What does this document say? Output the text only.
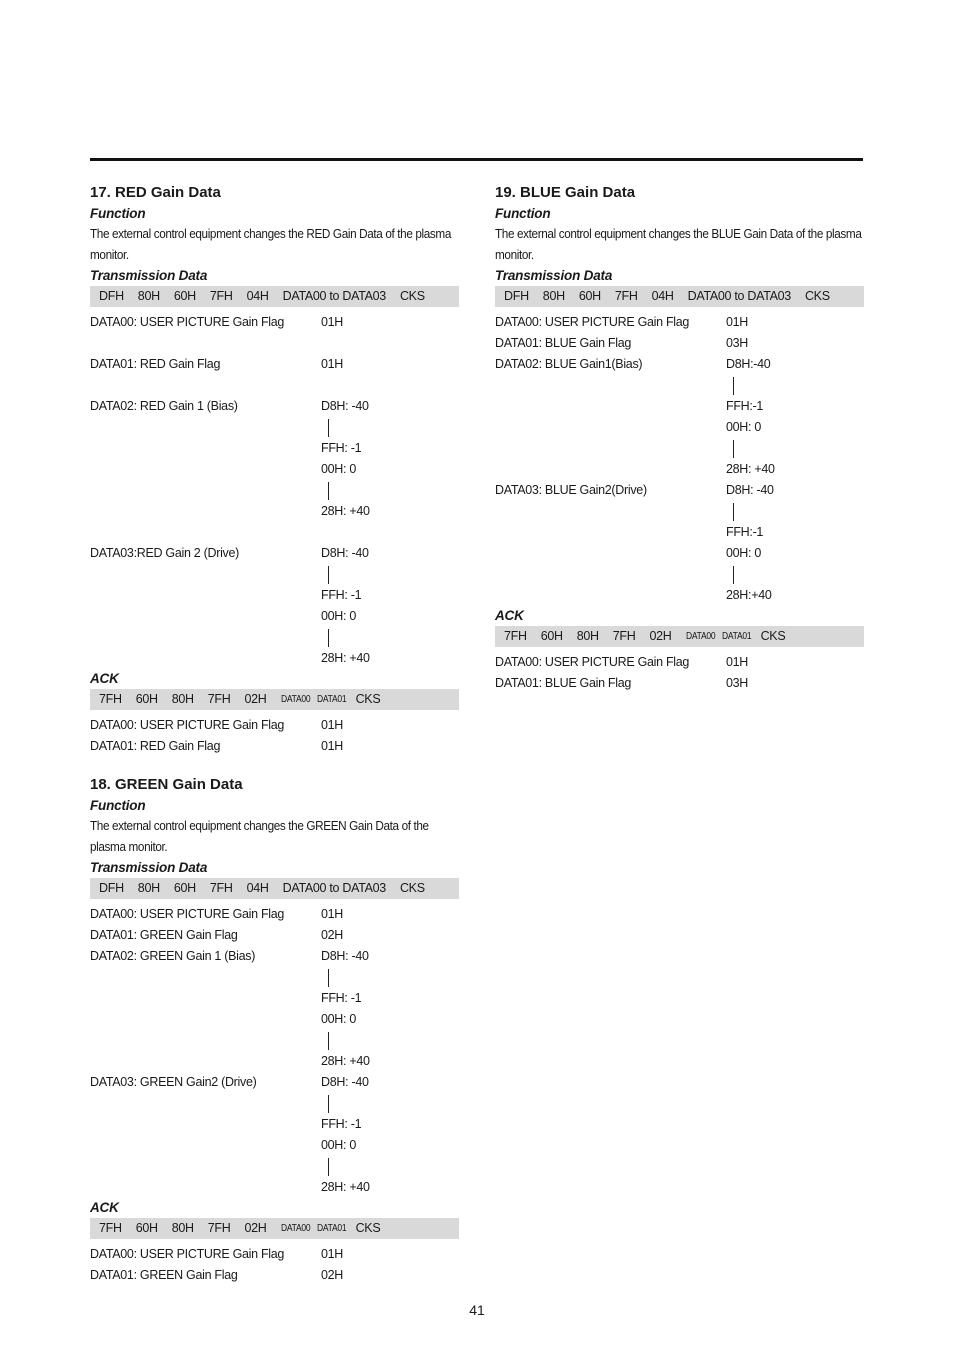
17. RED Gain Data
Function
The external control equipment changes the RED Gain Data of the plasma monitor.
Transmission Data
DFH 80H 60H 7FH 04H DATA00 to DATA03 CKS
DATA00: USER PICTURE Gain Flag	01H
DATA01: RED Gain Flag	01H
DATA02: RED Gain 1 (Bias)	D8H: -40
FFH: -1
00H: 0
28H: +40
DATA03:RED Gain 2 (Drive)	D8H: -40
FFH: -1
00H: 0
28H: +40
ACK
7FH 60H 80H 7FH 02H DATA00 DATA01 CKS
DATA00: USER PICTURE Gain Flag	01H
DATA01: RED Gain Flag	01H
18. GREEN Gain Data
Function
The external control equipment changes the GREEN Gain Data of the plasma monitor.
Transmission Data
DFH 80H 60H 7FH 04H DATA00 to DATA03 CKS
DATA00: USER PICTURE Gain Flag	01H
DATA01: GREEN Gain Flag	02H
DATA02: GREEN Gain 1 (Bias)	D8H: -40
FFH: -1
00H: 0
28H: +40
DATA03: GREEN Gain2 (Drive)	D8H: -40
FFH: -1
00H: 0
28H: +40
ACK
7FH 60H 80H 7FH 02H DATA00 DATA01 CKS
DATA00: USER PICTURE Gain Flag	01H
DATA01: GREEN Gain Flag	02H
19. BLUE Gain Data
Function
The external control equipment changes the BLUE Gain Data of the plasma monitor.
Transmission Data
DFH 80H 60H 7FH 04H DATA00 to DATA03 CKS
DATA00: USER PICTURE Gain Flag	01H
DATA01: BLUE Gain Flag	03H
DATA02: BLUE Gain1(Bias)	D8H:-40
FFH:-1
00H: 0
28H: +40
DATA03: BLUE Gain2(Drive)	D8H: -40
FFH:-1
00H: 0
28H:+40
ACK
7FH 60H 80H 7FH 02H DATA00 DATA01 CKS
DATA00: USER PICTURE Gain Flag	01H
DATA01: BLUE Gain Flag	03H
41
